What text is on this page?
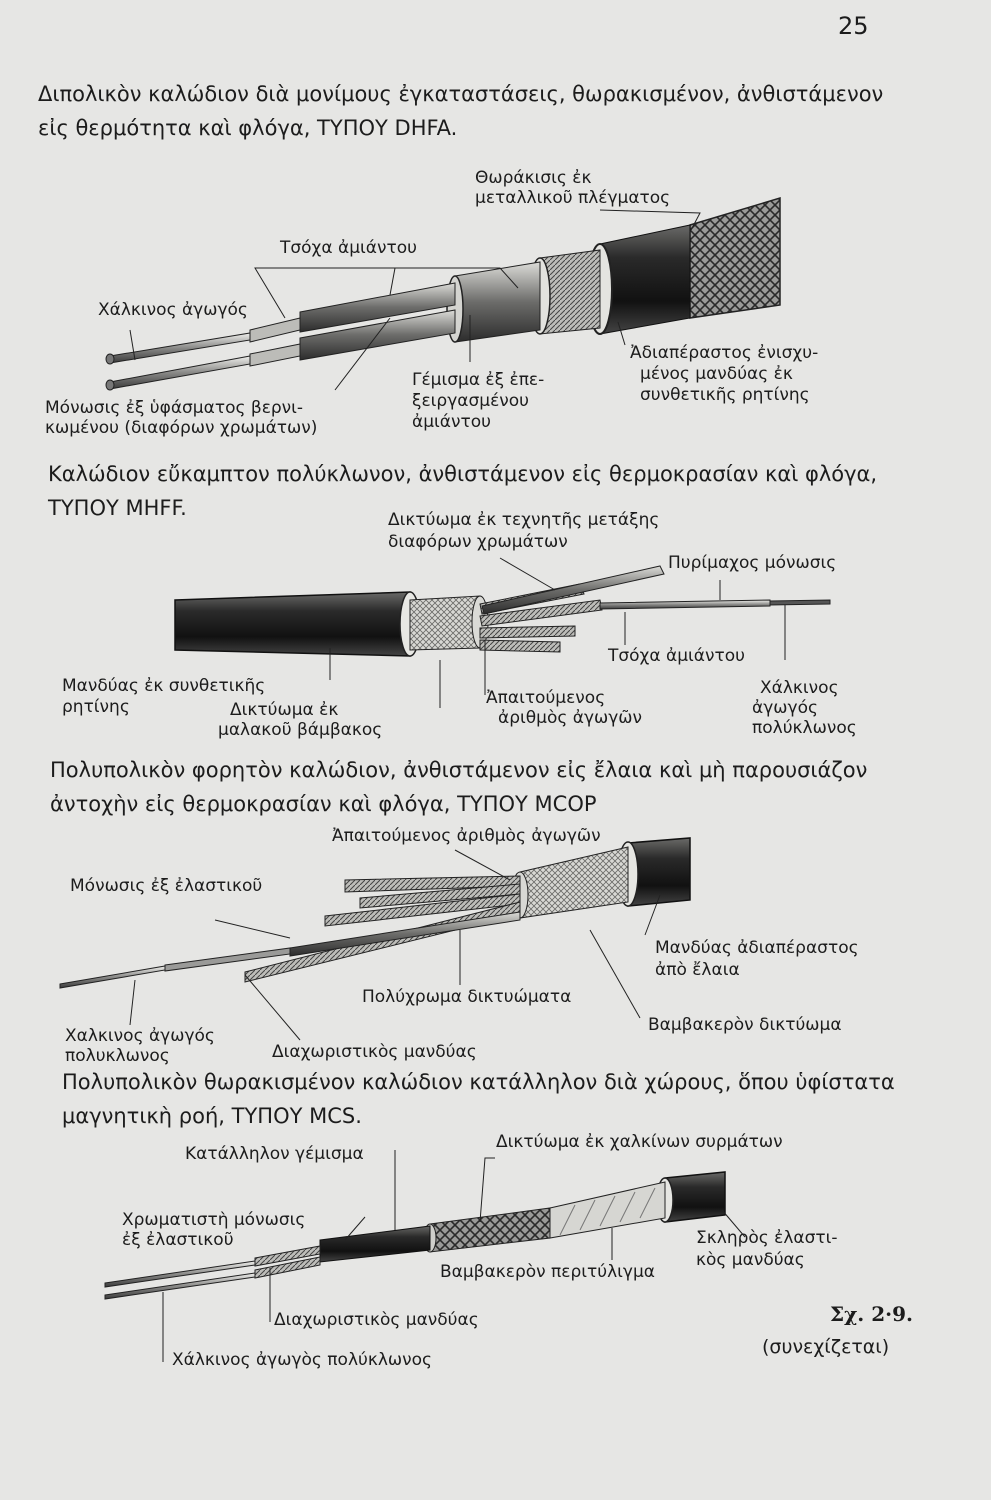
25

Διπολικὸν καλώδιον διὰ μονίμους ἐγκαταστάσεις, θωρακισμένον, ἀνθιστάμενον

εἰς θερμότητα καὶ φλόγα, ΤΥΠΟΥ DHFA.

Θωράκισις ἐκ

μεταλλικοῦ πλέγματος

Τσόχα ἀμιάντου

Χάλκινος ἀγωγός

Μόνωσις ἐξ ὑφάσματος βερνι-

κωμένου (διαφόρων χρωμάτων)

Γέμισμα ἐξ ἐπε-

ξειργασμένου

ἀμιάντου

Ἀδιαπέραστος ἐνισχυ-

μένος μανδύας ἐκ

συνθετικῆς ρητίνης

Καλώδιον εὔκαμπτον πολύκλωνον, ἀνθιστάμενον εἰς θερμοκρασίαν καὶ φλόγα,

ΤΥΠΟΥ MHFF.	Δικτύωμα ἐκ τεχνητῆς μετάξης

διαφόρων χρωμάτων

Πυρίμαχος μόνωσις

Τσόχα ἀμιάντου

Χάλκινος

ἀγωγός

πολύκλωνος

Μανδύας ἐκ συνθετικῆς

ρητίνης	Δικτύωμα ἐκ

μαλακοῦ βάμβακος

Ἀπαιτούμενος

ἀριθμὸς ἀγωγῶν

Πολυπολικὸν φορητὸν καλώδιον, ἀνθιστάμενον εἰς ἔλαια καὶ μὴ παρουσιάζον

ἀντοχὴν εἰς θερμοκρασίαν καὶ φλόγα, ΤΥΠΟΥ MCOP

Ἀπαιτούμενος ἀριθμὸς ἀγωγῶν

Μόνωσις ἐξ ἐλαστικοῦ

Μανδύας ἀδιαπέραστος

ἀπὸ ἔλαια

Πολύχρωμα δικτυώματα

Βαμβακερὸν δικτύωμα

Χαλκινος ἀγωγός

πολυκλωνος	Διαχωριστικὸς μανδύας

Πολυπολικὸν θωρακισμένον καλώδιον κατάλληλον διὰ χώρους, ὅπου ὑφίστατα

μαγνητικὴ ροή, ΤΥΠΟΥ MCS.

Κατάλληλον γέμισμα

Δικτύωμα ἐκ χαλκίνων συρμάτων

Χρωματιστὴ μόνωσις

ἐξ ἐλαστικοῦ	Σκληρὸς ἐλαστι-

κὸς μανδύας

Βαμβακερὸν περιτύλιγμα

Διαχωριστικὸς μανδύας

Χάλκινος ἀγωγὸς πολύκλωνος

Σχ. 2·9.

(συνεχίζεται)
